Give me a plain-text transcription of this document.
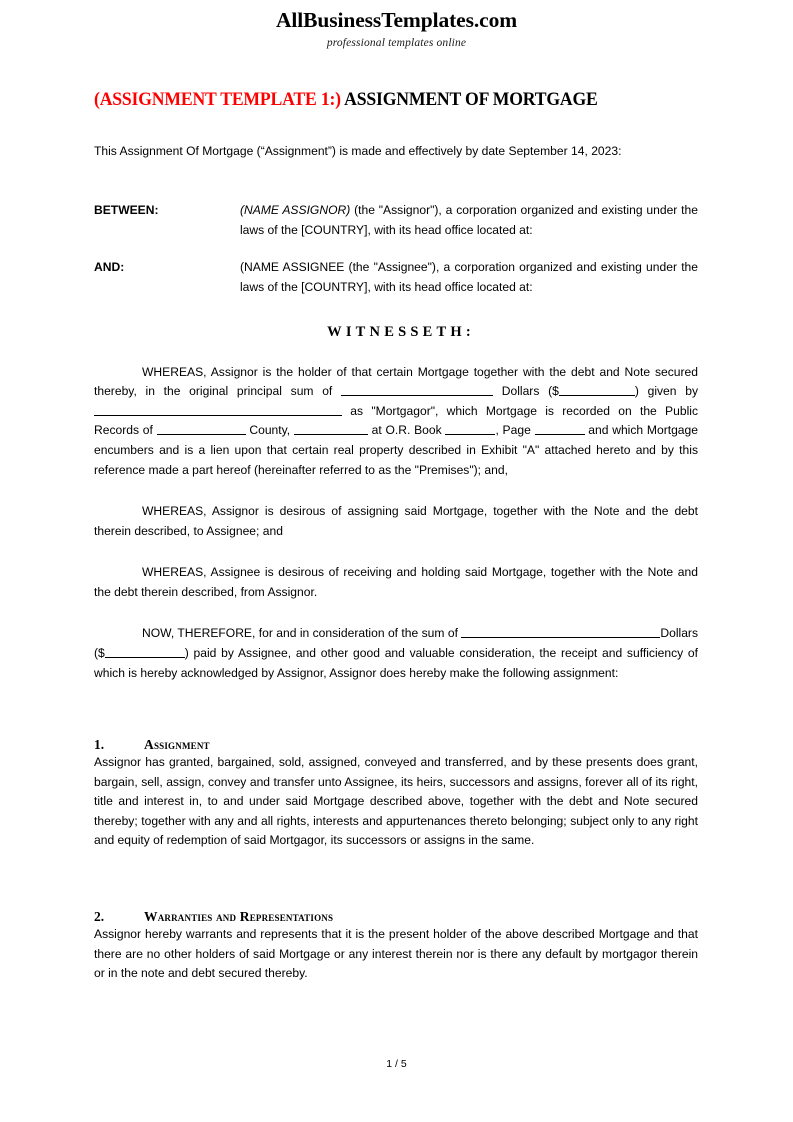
AllBusinessTemplates.com
professional templates online
(ASSIGNMENT TEMPLATE 1:) ASSIGNMENT OF MORTGAGE

This Assignment Of Mortgage (“Assignment”) is made and effectively by date September 14, 2023:

BETWEEN:	(NAME ASSIGNOR) (the "Assignor"), a corporation organized and existing under the laws of the [COUNTRY], with its head office located at:
AND:	(NAME ASSIGNEE (the "Assignee"), a corporation organized and existing under the laws of the [COUNTRY], with its head office located at:

WITNESSETH:

WHEREAS, Assignor is the holder of that certain Mortgage together with the debt and Note secured thereby, in the original principal sum of	Dollars ($	) given by  as "Mortgagor", which Mortgage is recorded on the Public Records of	County,	at O.R. Book	, Page	and which Mortgage encumbers and is a lien upon that certain real property described in Exhibit "A" attached hereto and by this reference made a part hereof (hereinafter referred to as the "Premises"); and,

WHEREAS, Assignor is desirous of assigning said Mortgage, together with the Note and the debt therein described, to Assignee; and

WHEREAS, Assignee is desirous of receiving and holding said Mortgage, together with the Note and the debt therein described, from Assignor.

NOW, THEREFORE, for and in consideration of the sum of	Dollars ($	) paid by Assignee, and other good and valuable consideration, the receipt and sufficiency of which is hereby acknowledged by Assignor, Assignor does hereby make the following assignment:

1.	Assignment

Assignor has granted, bargained, sold, assigned, conveyed and transferred, and by these presents does grant, bargain, sell, assign, convey and transfer unto Assignee, its heirs, successors and assigns, forever all of its right, title and interest in, to and under said Mortgage described above, together with the debt and Note secured thereby; together with any and all rights, interests and appurtenances thereto belonging; subject only to any right and equity of redemption of said Mortgagor, its successors or assigns in the same.

2.	Warranties and Representations

Assignor hereby warrants and represents that it is the present holder of the above described Mortgage and that there are no other holders of said Mortgage or any interest therein nor is there any default by mortgagor therein or in the note and debt secured thereby.

1 / 5
